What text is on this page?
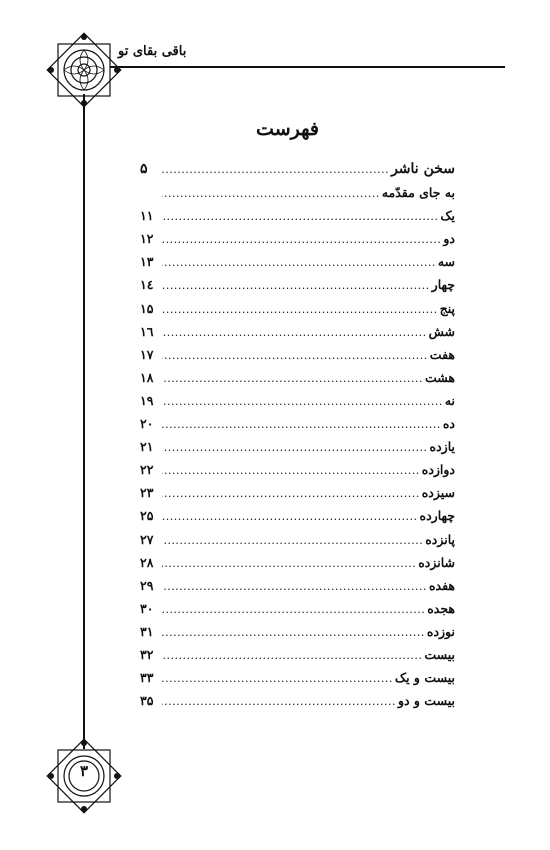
باقی بقای تو
۳
فهرست
سخن ناشر
.....
۵
به جای مقدّمه
.....
یک
.....
۱۱
دو
.....
۱۲
سه
.....
۱۳
چهار
.....
۱٤
پنج
.....
۱۵
شش
.....
۱٦
هفت
.....
۱۷
هشت
.....
۱۸
نه
.....
۱۹
ده
.....
۲۰
یازده
.....
۲۱
دوازده
.....
۲۲
سیزده
.....
۲۳
چهارده
.....
۲۵
پانزده
.....
۲۷
شانزده
.....
۲۸
هفده
.....
۲۹
هجده
.....
۳۰
نوزده
.....
۳۱
بیست
.....
۳۲
بیست و یک
.....
۳۳
بیست و دو
.....
۳۵
